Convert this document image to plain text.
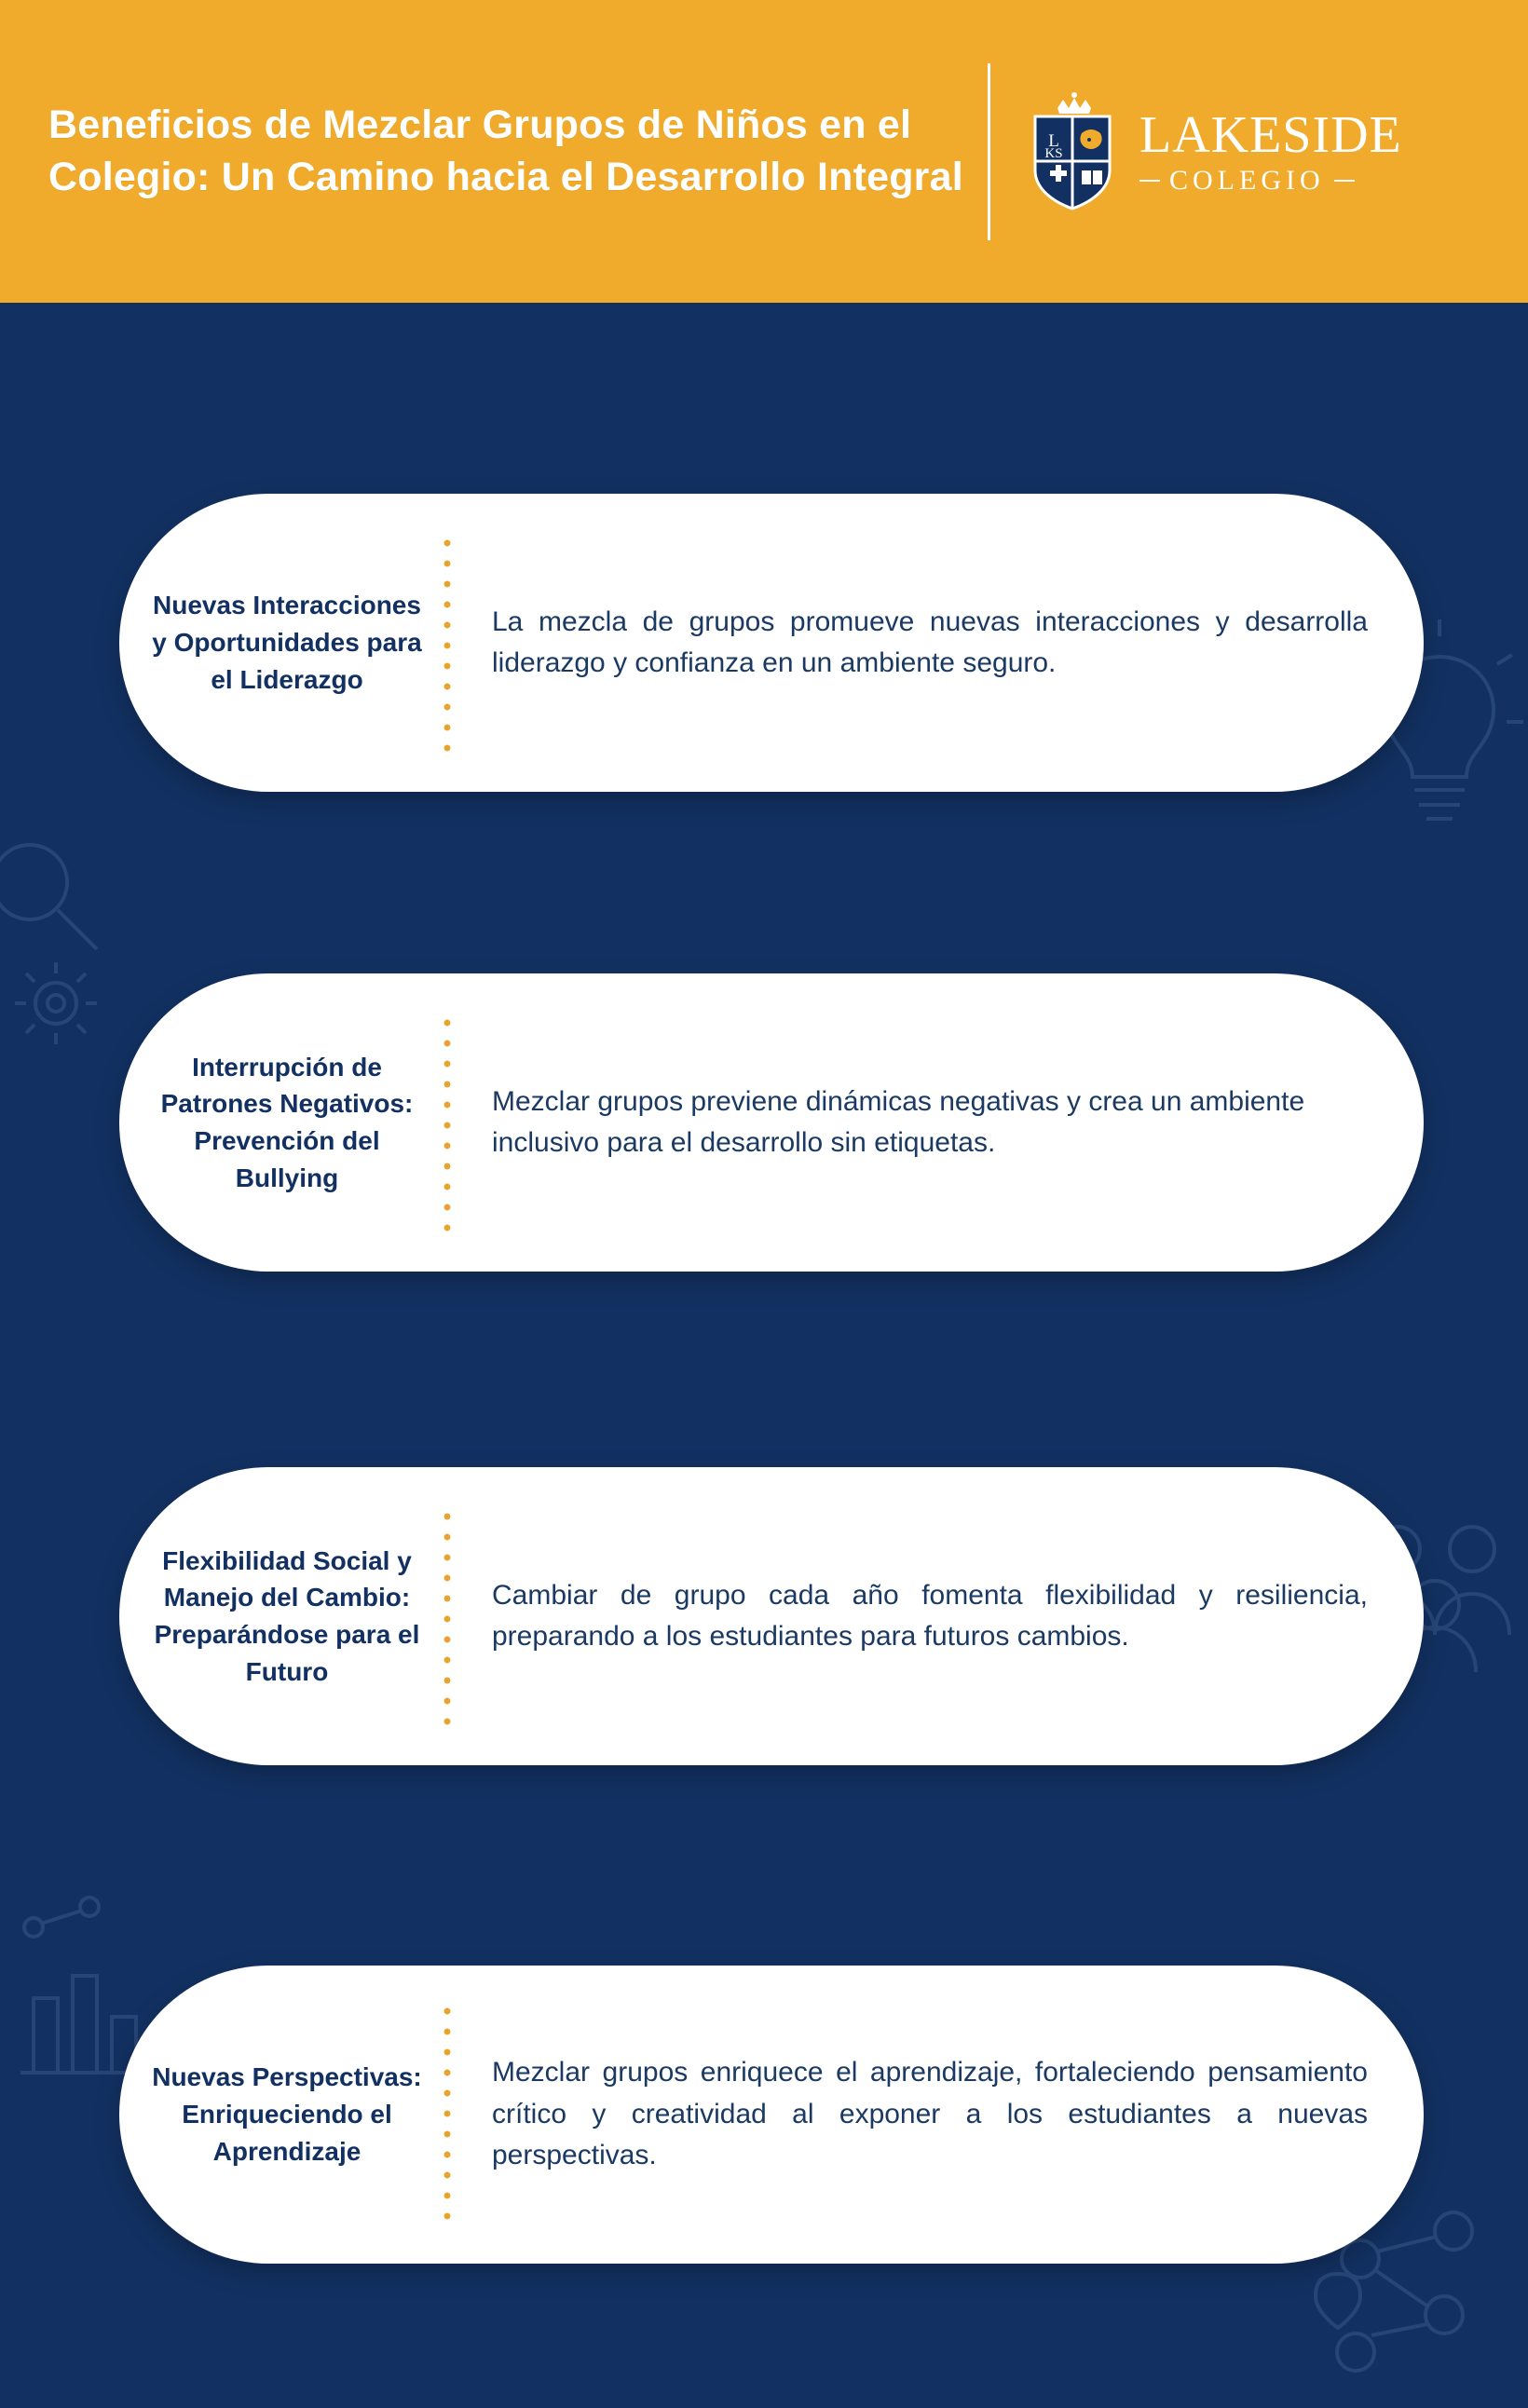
Beneficios de Mezclar Grupos de Niños en el Colegio: Un Camino hacia el Desarrollo Integral
L
KS LAKESIDE
COLEGIO
Nuevas Interacciones y Oportunidades para el Liderazgo
La mezcla de grupos promueve nuevas interacciones y desarrolla liderazgo y confianza en un ambiente seguro.
Interrupción de Patrones Negativos: Prevención del Bullying
Mezclar grupos previene dinámicas negativas y crea un ambiente inclusivo para el desarrollo sin etiquetas.
Flexibilidad Social y Manejo del Cambio: Preparándose para el Futuro
Cambiar de grupo cada año fomenta flexibilidad y resiliencia, preparando a los estudiantes para futuros cambios.
Nuevas Perspectivas: Enriqueciendo el Aprendizaje
Mezclar grupos enriquece el aprendizaje, fortaleciendo pensamiento crítico y creatividad al exponer a los estudiantes a nuevas perspectivas.
